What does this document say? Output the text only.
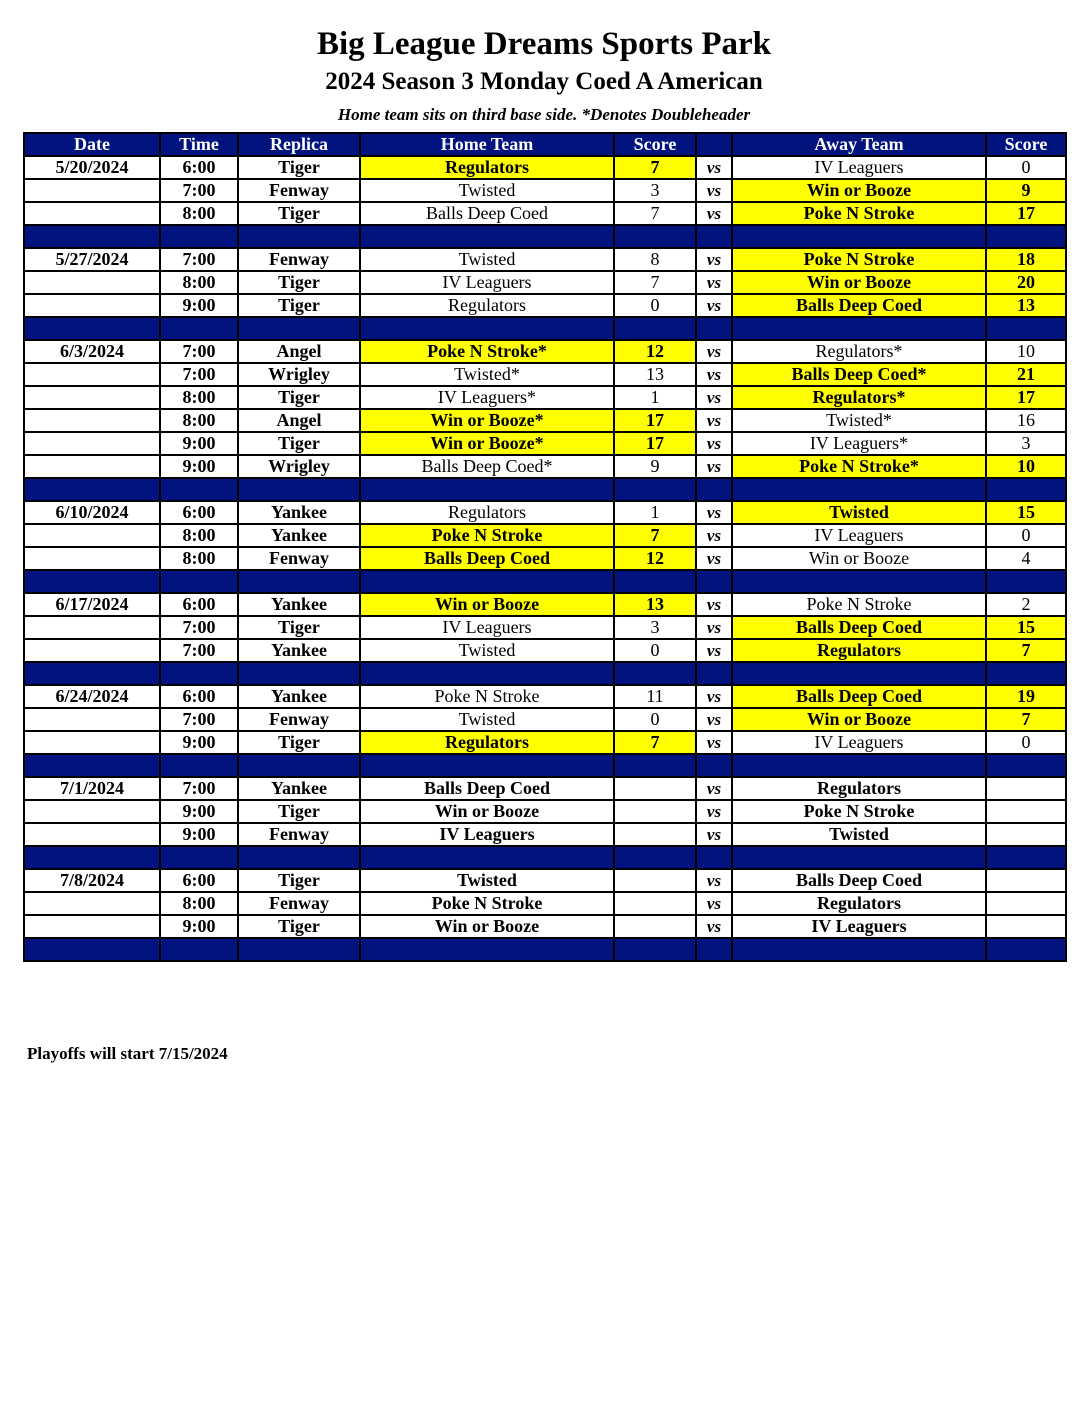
Big League Dreams Sports Park
2024 Season 3 Monday Coed A American
Home team sits on third base side. *Denotes Doubleheader
Date	Time	Replica	Home Team	Score		Away Team	Score
5/20/2024	6:00	Tiger	Regulators	7	vs	IV Leaguers	0
	7:00	Fenway	Twisted	3	vs	Win or Booze	9
	8:00	Tiger	Balls Deep Coed	7	vs	Poke N Stroke	17

5/27/2024	7:00	Fenway	Twisted	8	vs	Poke N Stroke	18
	8:00	Tiger	IV Leaguers	7	vs	Win or Booze	20
	9:00	Tiger	Regulators	0	vs	Balls Deep Coed	13

6/3/2024	7:00	Angel	Poke N Stroke*	12	vs	Regulators*	10
	7:00	Wrigley	Twisted*	13	vs	Balls Deep Coed*	21
	8:00	Tiger	IV Leaguers*	1	vs	Regulators*	17
	8:00	Angel	Win or Booze*	17	vs	Twisted*	16
	9:00	Tiger	Win or Booze*	17	vs	IV Leaguers*	3
	9:00	Wrigley	Balls Deep Coed*	9	vs	Poke N Stroke*	10

6/10/2024	6:00	Yankee	Regulators	1	vs	Twisted	15
	8:00	Yankee	Poke N Stroke	7	vs	IV Leaguers	0
	8:00	Fenway	Balls Deep Coed	12	vs	Win or Booze	4

6/17/2024	6:00	Yankee	Win or Booze	13	vs	Poke N Stroke	2
	7:00	Tiger	IV Leaguers	3	vs	Balls Deep Coed	15
	7:00	Yankee	Twisted	0	vs	Regulators	7

6/24/2024	6:00	Yankee	Poke N Stroke	11	vs	Balls Deep Coed	19
	7:00	Fenway	Twisted	0	vs	Win or Booze	7
	9:00	Tiger	Regulators	7	vs	IV Leaguers	0

7/1/2024	7:00	Yankee	Balls Deep Coed		vs	Regulators	
	9:00	Tiger	Win or Booze		vs	Poke N Stroke	
	9:00	Fenway	IV Leaguers		vs	Twisted	

7/8/2024	6:00	Tiger	Twisted		vs	Balls Deep Coed	
	8:00	Fenway	Poke N Stroke		vs	Regulators	
	9:00	Tiger	Win or Booze		vs	IV Leaguers	

Playoffs will start 7/15/2024
